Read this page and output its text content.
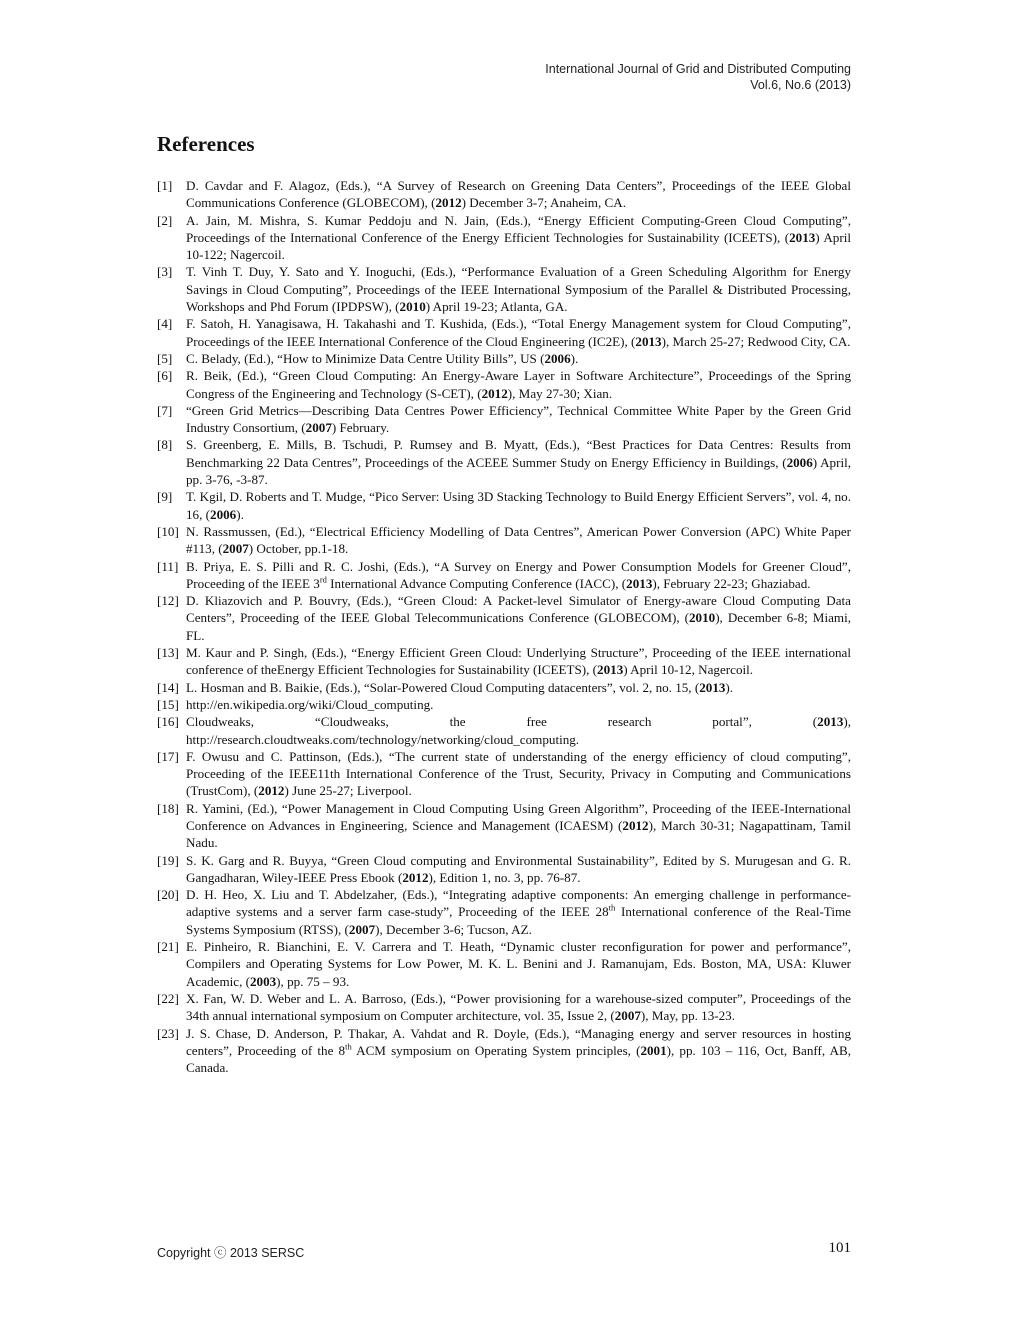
International Journal of Grid and Distributed Computing
Vol.6, No.6 (2013)
References
[1]	D. Cavdar and F. Alagoz, (Eds.), “A Survey of Research on Greening Data Centers”, Proceedings of the IEEE Global Communications Conference (GLOBECOM), (2012) December 3-7; Anaheim, CA.
[2]	A. Jain, M. Mishra, S. Kumar Peddoju and N. Jain, (Eds.), “Energy Efficient Computing-Green Cloud Computing”, Proceedings of the International Conference of the Energy Efficient Technologies for Sustainability (ICEETS), (2013) April 10-122; Nagercoil.
[3]	T. Vinh T. Duy, Y. Sato and Y. Inoguchi, (Eds.), “Performance Evaluation of a Green Scheduling Algorithm for Energy Savings in Cloud Computing”, Proceedings of the IEEE International Symposium of the Parallel & Distributed Processing, Workshops and Phd Forum (IPDPSW), (2010) April 19-23; Atlanta, GA.
[4]	F. Satoh, H. Yanagisawa, H. Takahashi and T. Kushida, (Eds.), “Total Energy Management system for Cloud Computing”, Proceedings of the IEEE International Conference of the Cloud Engineering (IC2E), (2013), March 25-27; Redwood City, CA.
[5]	C. Belady, (Ed.), “How to Minimize Data Centre Utility Bills”, US (2006).
[6]	R. Beik, (Ed.), “Green Cloud Computing: An Energy-Aware Layer in Software Architecture”, Proceedings of the Spring Congress of the Engineering and Technology (S-CET), (2012), May 27-30; Xian.
[7]	“Green Grid Metrics—Describing Data Centres Power Efficiency”, Technical Committee White Paper by the Green Grid Industry Consortium, (2007) February.
[8]	S. Greenberg, E. Mills, B. Tschudi, P. Rumsey and B. Myatt, (Eds.), “Best Practices for Data Centres: Results from Benchmarking 22 Data Centres”, Proceedings of the ACEEE Summer Study on Energy Efficiency in Buildings, (2006) April, pp. 3-76, -3-87.
[9]	T. Kgil, D. Roberts and T. Mudge, “Pico Server: Using 3D Stacking Technology to Build Energy Efficient Servers”, vol. 4, no. 16, (2006).
[10] N. Rassmussen, (Ed.), “Electrical Efficiency Modelling of Data Centres”, American Power Conversion (APC) White Paper #113, (2007) October, pp.1-18.
[11] B. Priya, E. S. Pilli and R. C. Joshi, (Eds.), “A Survey on Energy and Power Consumption Models for Greener Cloud”, Proceeding of the IEEE 3rd International Advance Computing Conference (IACC), (2013), February 22-23; Ghaziabad.
[12] D. Kliazovich and P. Bouvry, (Eds.), “Green Cloud: A Packet-level Simulator of Energy-aware Cloud Computing Data Centers”, Proceeding of the IEEE Global Telecommunications Conference (GLOBECOM), (2010), December 6-8; Miami, FL.
[13] M. Kaur and P. Singh, (Eds.), “Energy Efficient Green Cloud: Underlying Structure”, Proceeding of the IEEE international conference of theEnergy Efficient Technologies for Sustainability (ICEETS), (2013) April 10-12, Nagercoil.
[14] L. Hosman and B. Baikie, (Eds.), “Solar-Powered Cloud Computing datacenters”, vol. 2, no. 15, (2013).
[15] http://en.wikipedia.org/wiki/Cloud_computing.
[16] Cloudweaks, “Cloudweaks, the free research portal”, (2013), http://research.cloudtweaks.com/technology/networking/cloud_computing.
[17] F. Owusu and C. Pattinson, (Eds.), “The current state of understanding of the energy efficiency of cloud computing”, Proceeding of the IEEE11th International Conference of the Trust, Security, Privacy in Computing and Communications (TrustCom), (2012) June 25-27; Liverpool.
[18] R. Yamini, (Ed.), “Power Management in Cloud Computing Using Green Algorithm”, Proceeding of the IEEE-International Conference on Advances in Engineering, Science and Management (ICAESM) (2012), March 30-31; Nagapattinam, Tamil Nadu.
[19] S. K. Garg and R. Buyya, “Green Cloud computing and Environmental Sustainability”, Edited by S. Murugesan and G. R. Gangadharan, Wiley-IEEE Press Ebook (2012), Edition 1, no. 3, pp. 76-87.
[20] D. H. Heo, X. Liu and T. Abdelzaher, (Eds.), “Integrating adaptive components: An emerging challenge in performance-adaptive systems and a server farm case-study”, Proceeding of the IEEE 28th International conference of the Real-Time Systems Symposium (RTSS), (2007), December 3-6; Tucson, AZ.
[21] E. Pinheiro, R. Bianchini, E. V. Carrera and T. Heath, “Dynamic cluster reconfiguration for power and performance”, Compilers and Operating Systems for Low Power, M. K. L. Benini and J. Ramanujam, Eds. Boston, MA, USA: Kluwer Academic, (2003), pp. 75 – 93.
[22] X. Fan, W. D. Weber and L. A. Barroso, (Eds.), “Power provisioning for a warehouse-sized computer”, Proceedings of the 34th annual international symposium on Computer architecture, vol. 35, Issue 2, (2007), May, pp. 13-23.
[23] J. S. Chase, D. Anderson, P. Thakar, A. Vahdat and R. Doyle, (Eds.), “Managing energy and server resources in hosting centers”, Proceeding of the 8th ACM symposium on Operating System principles, (2001), pp. 103 – 116, Oct, Banff, AB, Canada.
Copyright ⓒ 2013 SERSC	101
